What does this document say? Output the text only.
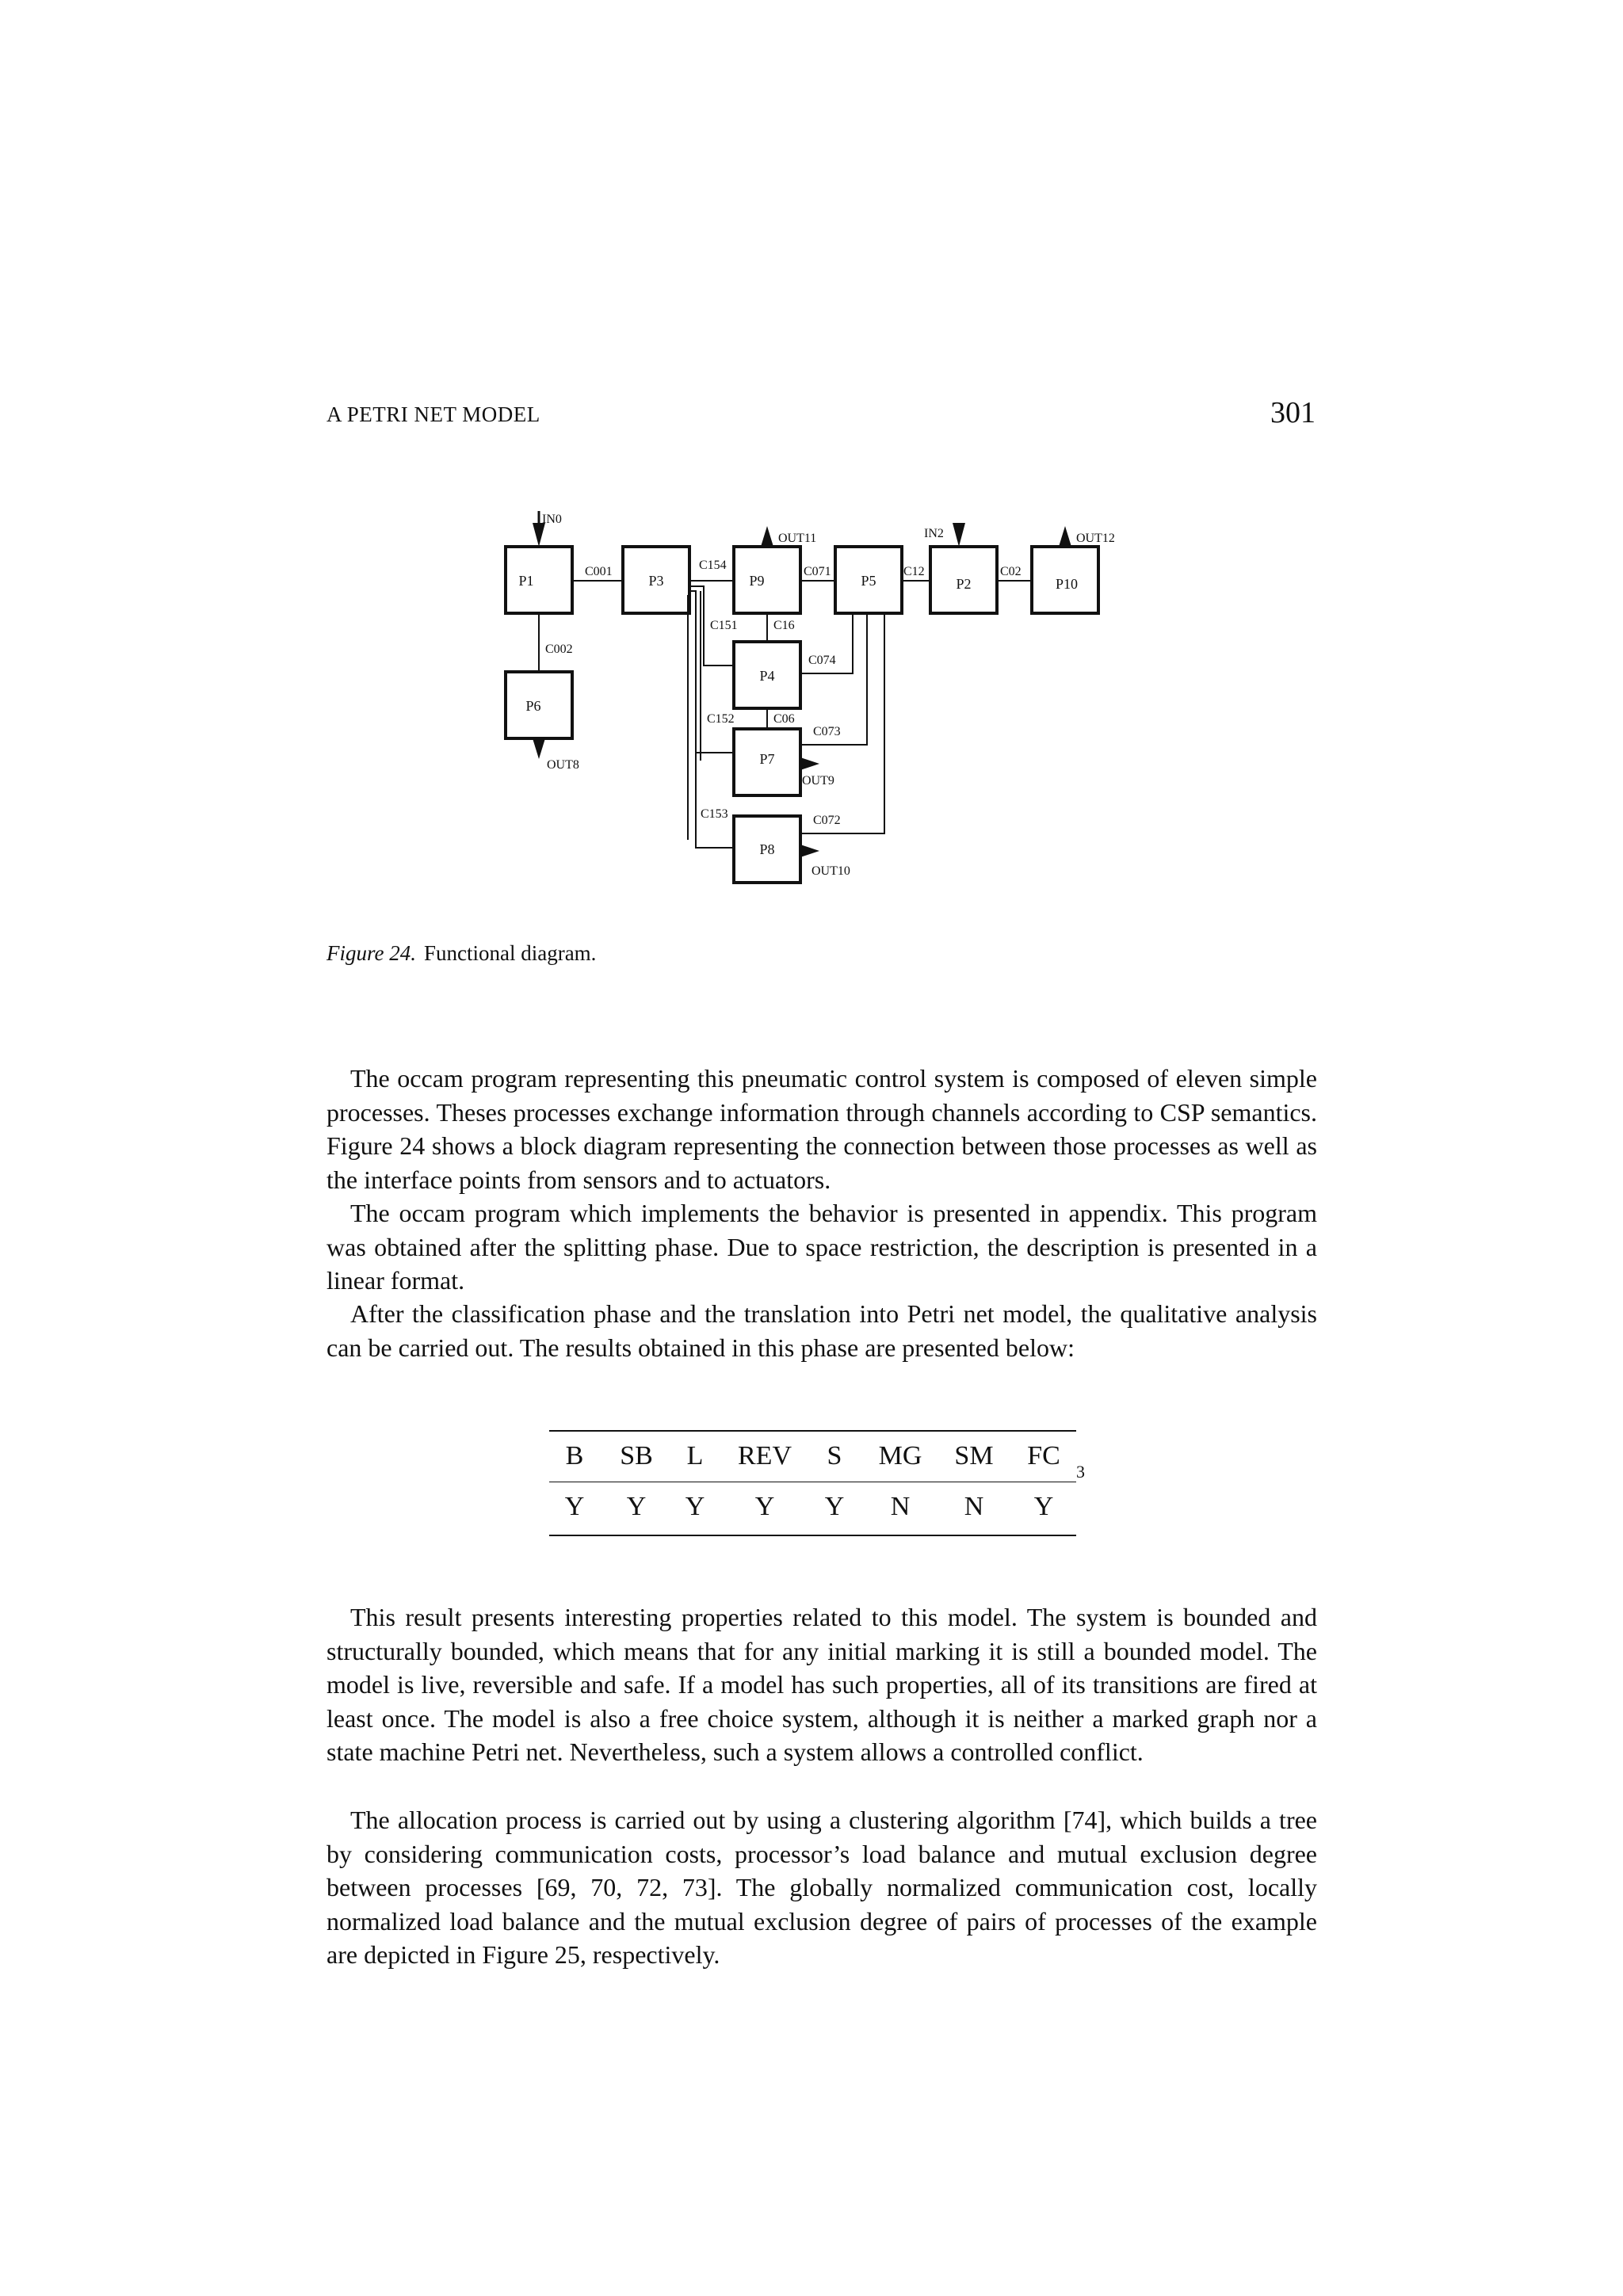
A PETRI NET MODEL	301
P1	P3	P9	P5	P2	P10
P6
P4
P7
P8
C001	C154	C071	C12	C02
C002
C151	C16
C074
C152	C06
C073
C153	C072
IN0
OUT11	IN2	OUT12
OUT8
OUT9
OUT10
Figure 24. Functional diagram.

The occam program representing this pneumatic control system is composed of eleven simple processes. Theses processes exchange information through channels according to CSP semantics. Figure 24 shows a block diagram representing the connection between those processes as well as the interface points from sensors and to actuators.

The occam program which implements the behavior is presented in appendix. This program was obtained after the splitting phase. Due to space restriction, the description is presented in a linear format.

After the classification phase and the translation into Petri net model, the qualitative analysis can be carried out. The results obtained in this phase are presented below:

B SB L REV S MG SM FC
Y Y Y Y Y N N Y
3

This result presents interesting properties related to this model. The system is bounded and structurally bounded, which means that for any initial marking it is still a bounded model. The model is live, reversible and safe. If a model has such properties, all of its transitions are fired at least once. The model is also a free choice system, although it is neither a marked graph nor a state machine Petri net. Nevertheless, such a system allows a controlled conflict.

The allocation process is carried out by using a clustering algorithm [74], which builds a tree by considering communication costs, processor’s load balance and mutual exclusion degree between processes [69, 70, 72, 73]. The globally normalized communication cost, locally normalized load balance and the mutual exclusion degree of pairs of processes of the example are depicted in Figure 25, respectively.
